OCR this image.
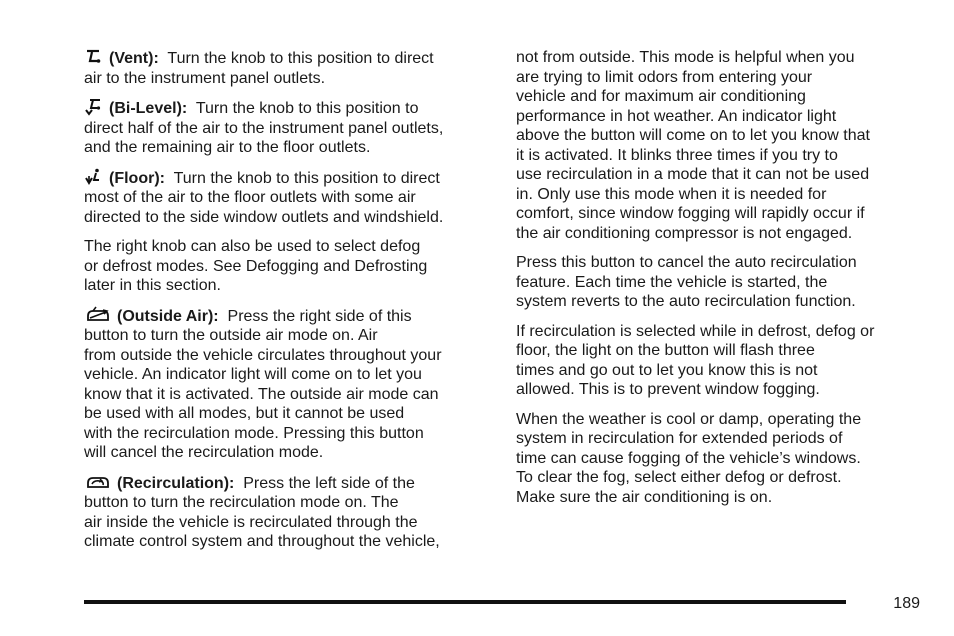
(Vent): Turn the knob to this position to direct
air to the instrument panel outlets.

(Bi-Level): Turn the knob to this position to
direct half of the air to the instrument panel outlets,
and the remaining air to the floor outlets.

(Floor): Turn the knob to this position to direct
most of the air to the floor outlets with some air
directed to the side window outlets and windshield.

The right knob can also be used to select defog
or defrost modes. See Defogging and Defrosting
later in this section.

(Outside Air): Press the right side of this
button to turn the outside air mode on. Air
from outside the vehicle circulates throughout your
vehicle. An indicator light will come on to let you
know that it is activated. The outside air mode can
be used with all modes, but it cannot be used
with the recirculation mode. Pressing this button
will cancel the recirculation mode.

(Recirculation): Press the left side of the
button to turn the recirculation mode on. The
air inside the vehicle is recirculated through the
climate control system and throughout the vehicle,

not from outside. This mode is helpful when you
are trying to limit odors from entering your
vehicle and for maximum air conditioning
performance in hot weather. An indicator light
above the button will come on to let you know that
it is activated. It blinks three times if you try to
use recirculation in a mode that it can not be used
in. Only use this mode when it is needed for
comfort, since window fogging will rapidly occur if
the air conditioning compressor is not engaged.

Press this button to cancel the auto recirculation
feature. Each time the vehicle is started, the
system reverts to the auto recirculation function.

If recirculation is selected while in defrost, defog or
floor, the light on the button will flash three
times and go out to let you know this is not
allowed. This is to prevent window fogging.

When the weather is cool or damp, operating the
system in recirculation for extended periods of
time can cause fogging of the vehicle’s windows.
To clear the fog, select either defog or defrost.
Make sure the air conditioning is on.

189
